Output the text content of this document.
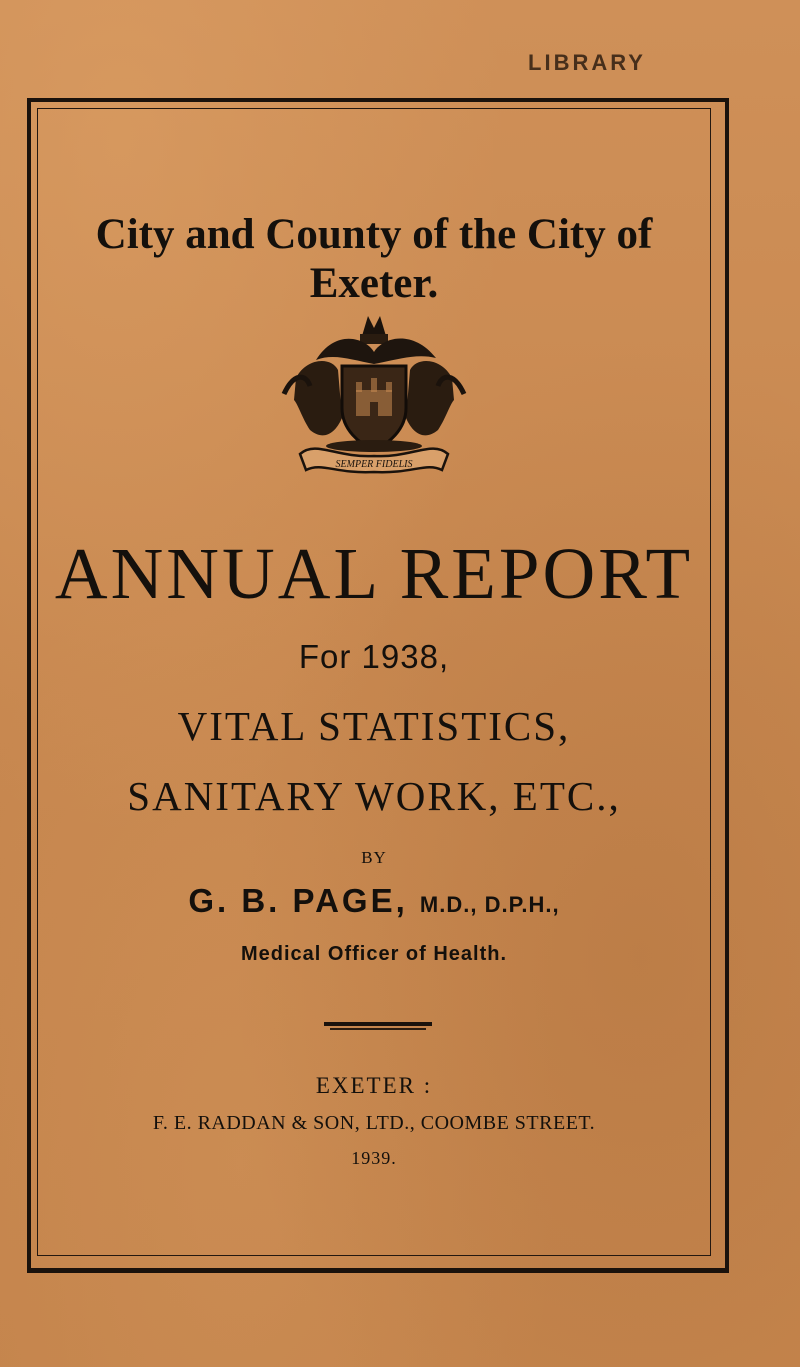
LIBRARY
City and County of the City of Exeter.
SEMPER FIDELIS
ANNUAL REPORT
For 1938,
VITAL STATISTICS,
SANITARY WORK, ETC.,
BY
G. B. PAGE, M.D., D.P.H.,
Medical Officer of Health.
EXETER :
F. E. RADDAN & SON, LTD., COOMBE STREET.
1939.
